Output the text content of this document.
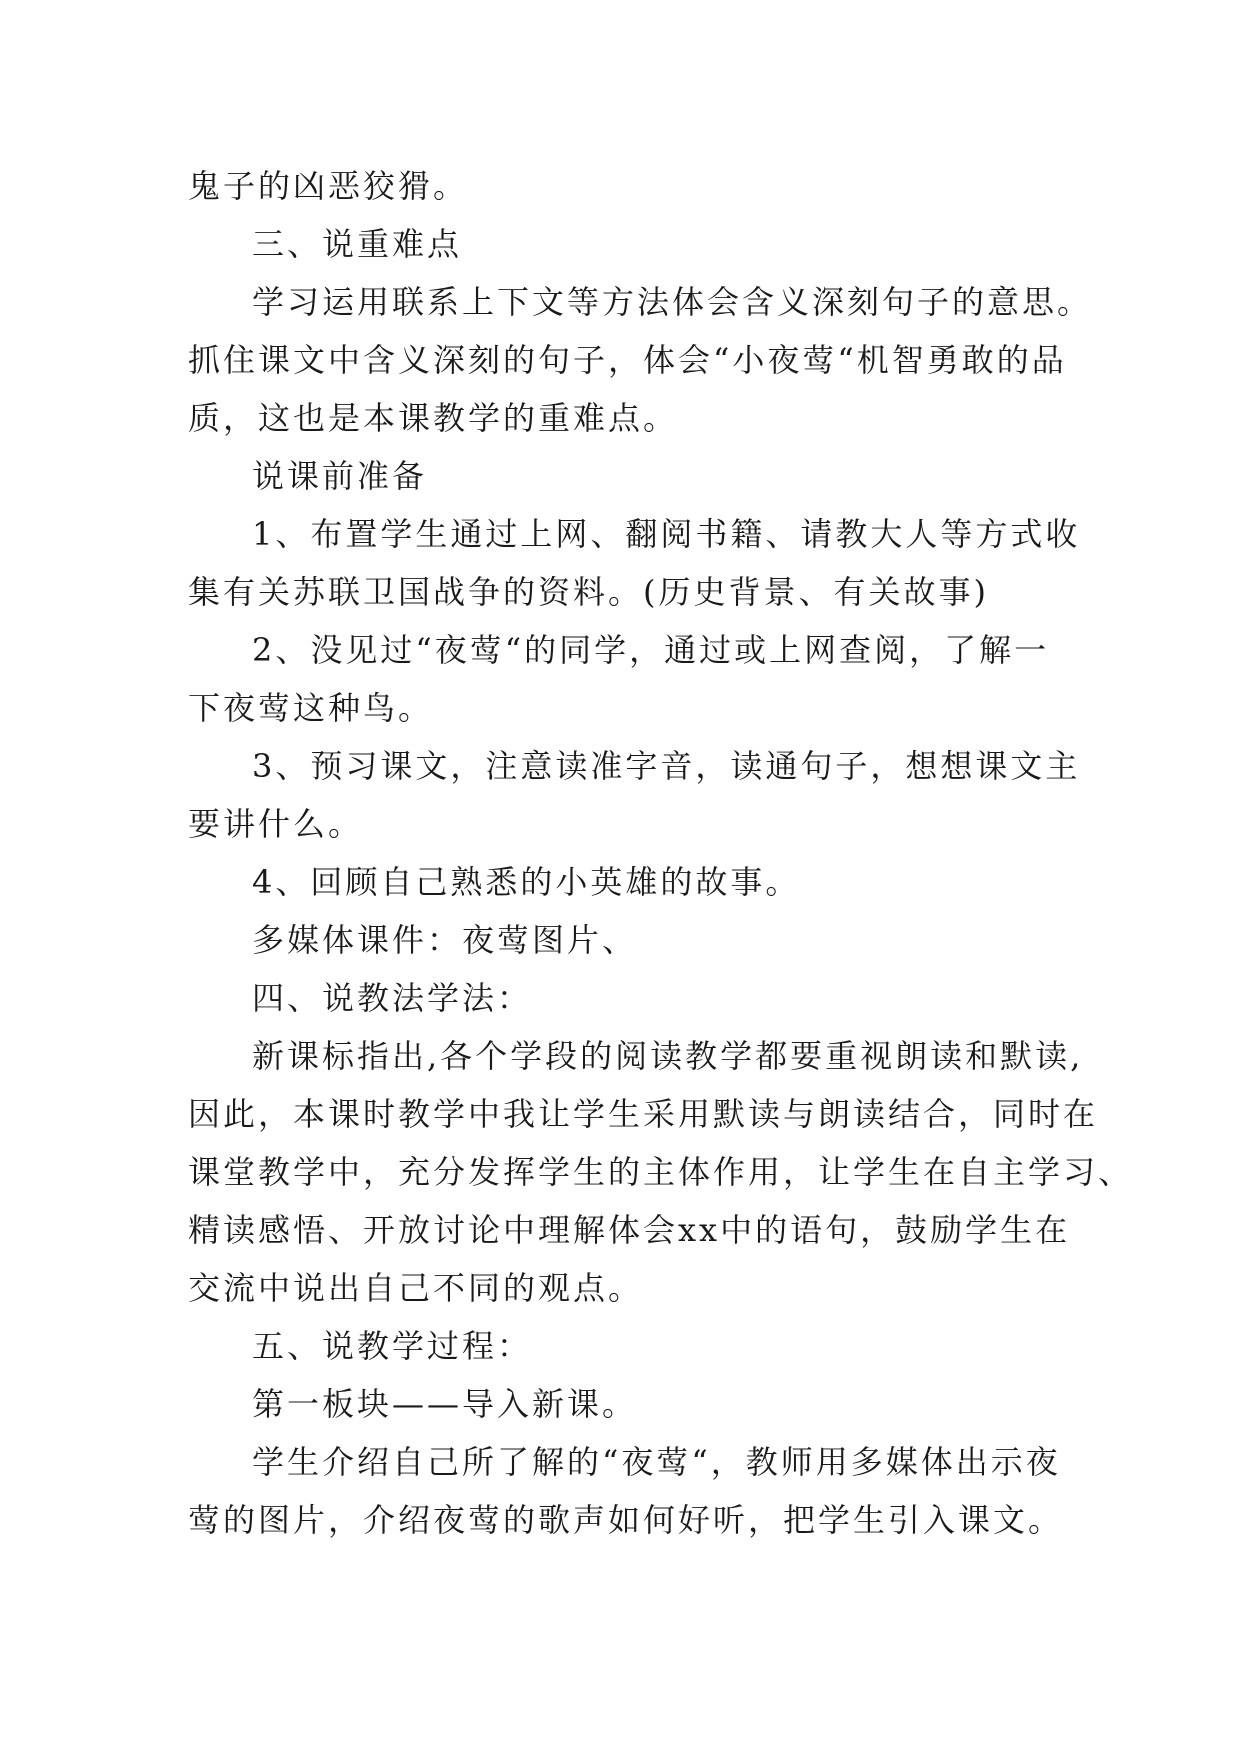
鬼子的凶恶狡猾。
三、说重难点
学习运用联系上下文等方法体会含义深刻句子的意思。
抓住课文中含义深刻的句子，体会“小夜莺“机智勇敢的品
质，这也是本课教学的重难点。
说课前准备
1、布置学生通过上网、翻阅书籍、请教大人等方式收
集有关苏联卫国战争的资料。(历史背景、有关故事)
2、没见过“夜莺“的同学，通过或上网查阅，了解一
下夜莺这种鸟。
3、预习课文，注意读准字音，读通句子，想想课文主
要讲什么。
4、回顾自己熟悉的小英雄的故事。
多媒体课件：夜莺图片、
四、说教法学法：
新课标指出,各个学段的阅读教学都要重视朗读和默读,
因此，本课时教学中我让学生采用默读与朗读结合，同时在
课堂教学中，充分发挥学生的主体作用，让学生在自主学习、
精读感悟、开放讨论中理解体会xx中的语句，鼓励学生在
交流中说出自己不同的观点。
五、说教学过程：
第一板块——导入新课。
学生介绍自己所了解的“夜莺“，教师用多媒体出示夜
莺的图片，介绍夜莺的歌声如何好听，把学生引入课文。
